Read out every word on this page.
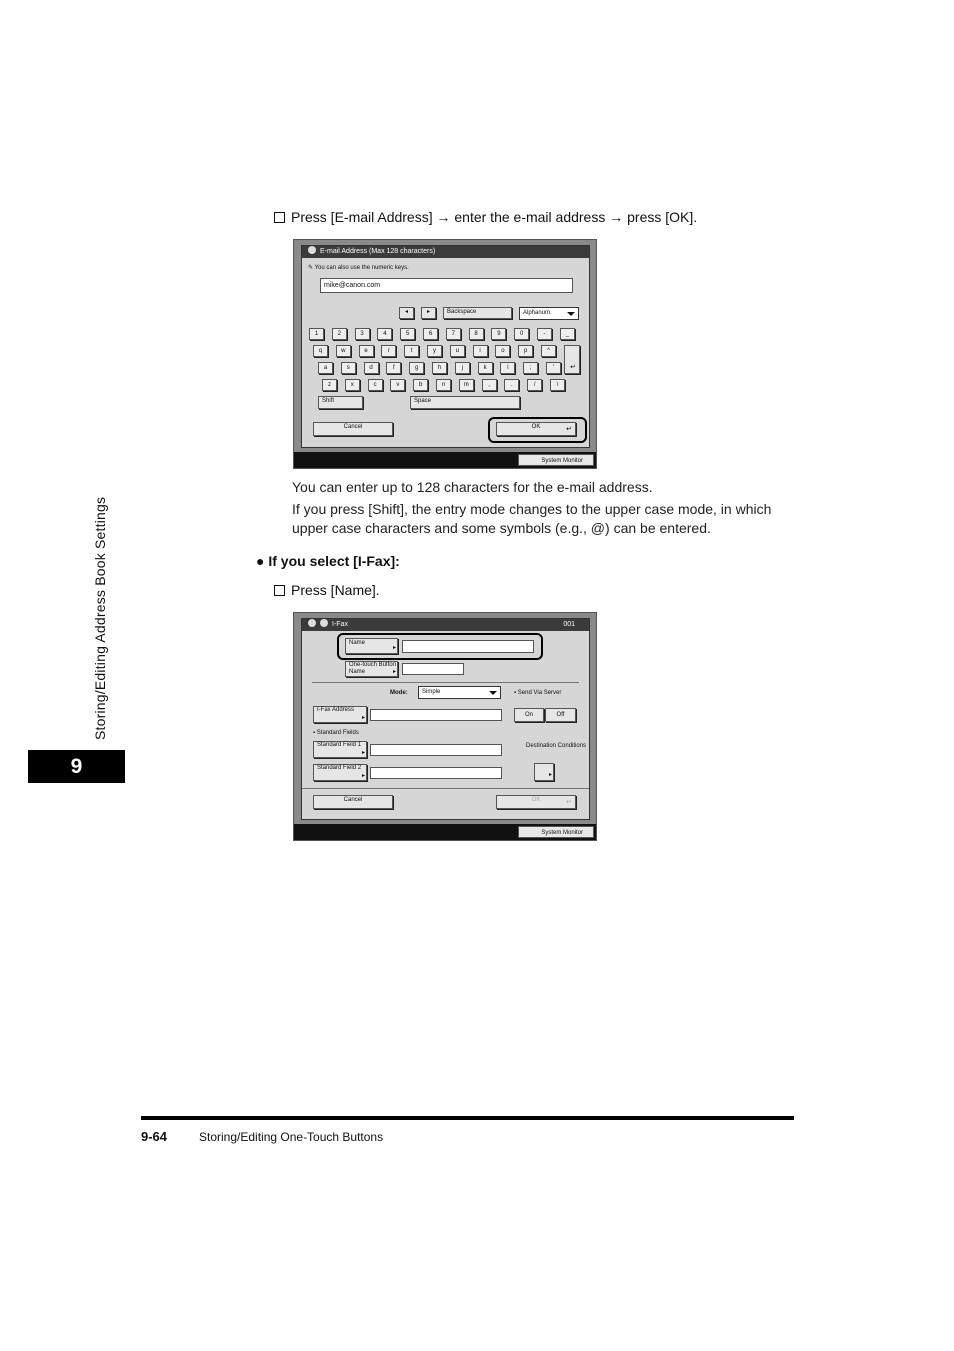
Storing/Editing Address Book Settings
9
Press [E-mail Address] → enter the e-mail address → press [OK].
E-mail Address (Max 128 characters)
✎ You can also use the numeric keys.
mike@canon.com
◂	▸	Backspace	Alphanum.
1	2	3	4	5	6	7	8	9	0	-	_
q	w	e	r	t	y	u	i	o	p	^
a	s	d	f	g	h	j	k	l	;	'
z	x	c	v	b	n	m	,	.	/	\
↵
Shift	Space
Cancel	OK ↵
System Monitor
You can enter up to 128 characters for the e-mail address.
If you press [Shift], the entry mode changes to the upper case mode, in which upper case characters and some symbols (e.g., @) can be entered.
● If you select [I-Fax]:
Press [Name].
I-Fax	001
Name ▸
One-touch Button Name ▸
Mode:	Simple	▪ Send Via Server
I-Fax Address ▸
On	Off
▪ Standard Fields
Standard Field 1 ▸	Destination Conditions
Standard Field 2 ▸
▸
Cancel	OK ↵
System Monitor
9-64	Storing/Editing One-Touch Buttons
